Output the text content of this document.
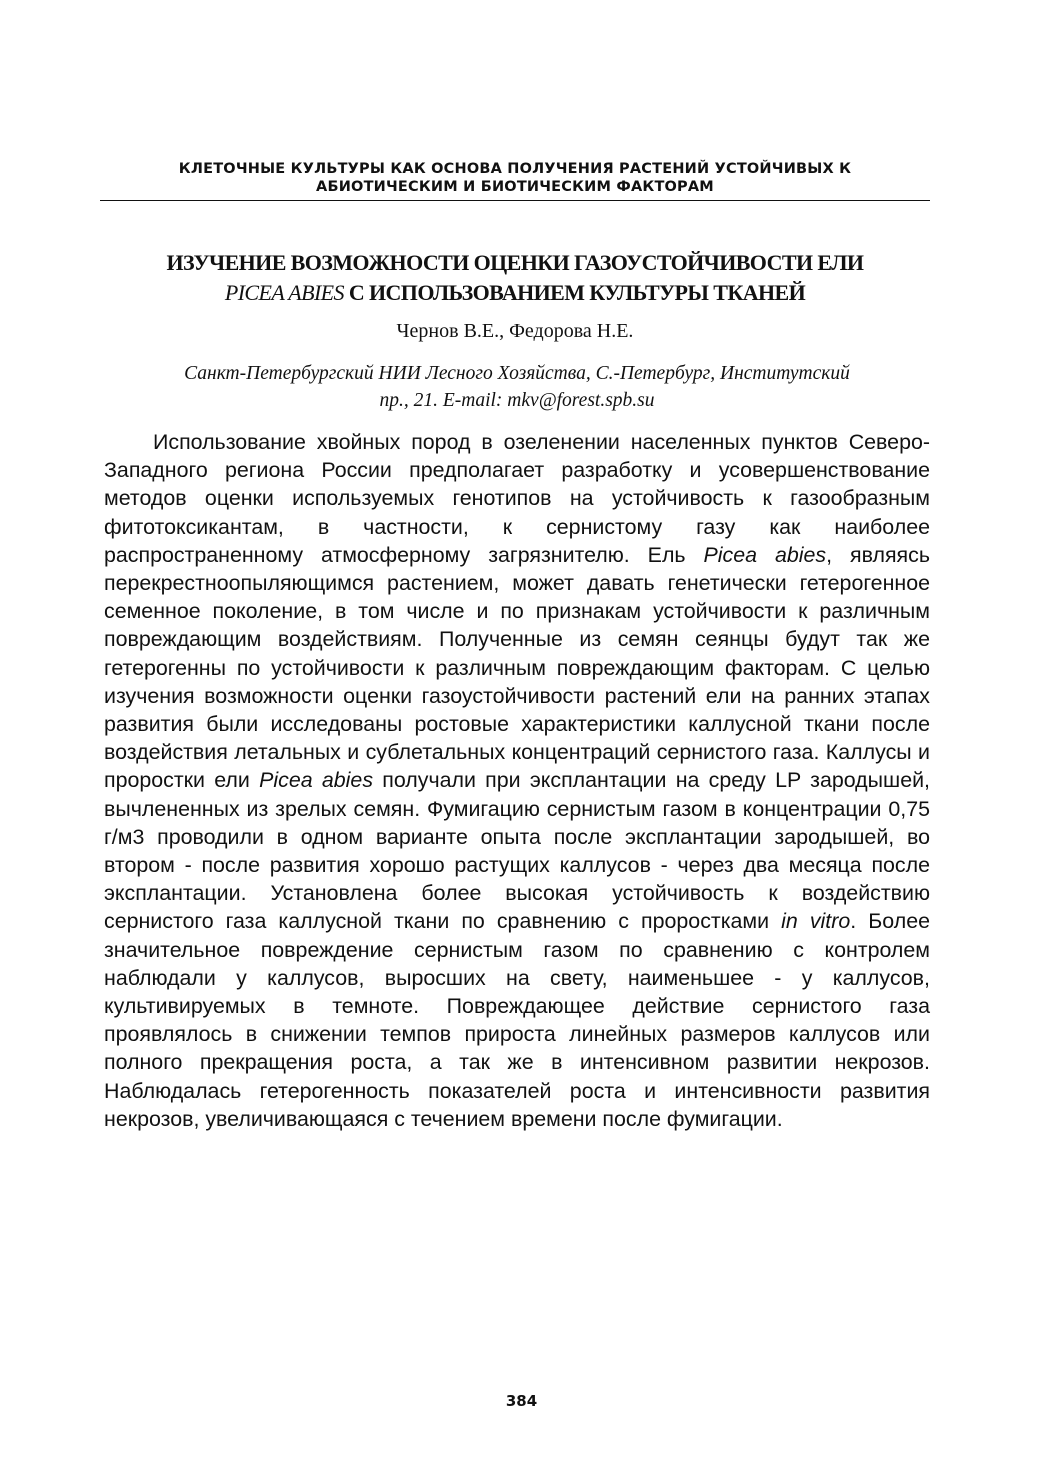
КЛЕТОЧНЫЕ КУЛЬТУРЫ КАК ОСНОВА ПОЛУЧЕНИЯ РАСТЕНИЙ УСТОЙЧИВЫХ К
АБИОТИЧЕСКИМ И БИОТИЧЕСКИМ ФАКТОРАМ
ИЗУЧЕНИЕ ВОЗМОЖНОСТИ ОЦЕНКИ ГАЗОУСТОЙЧИВОСТИ ЕЛИ
PICEA ABIES С ИСПОЛЬЗОВАНИЕМ КУЛЬТУРЫ ТКАНЕЙ
Чернов В.Е., Федорова Н.Е.
Санкт-Петербургский НИИ Лесного Хозяйства, С.-Петербург, Институтский
пр., 21. E-mail: mkv@forest.spb.su

Использование хвойных пород в озеленении населенных пунктов Северо-Западного региона России предполагает разработку и усовершенствование методов оценки используемых генотипов на устойчивость к газообразным фитотоксикантам, в частности, к сернистому газу как наиболее распространенному атмосферному загрязнителю. Ель Picea abies, являясь перекрестноопыляющимся растением, может давать генетически гетерогенное семенное поколение, в том числе и по признакам устойчивости к различным повреждающим воздействиям. Полученные из семян сеянцы будут так же гетерогенны по устойчивости к различным повреждающим факторам. С целью изучения возможности оценки газоустойчивости растений ели на ранних этапах развития были исследованы ростовые характеристики каллусной ткани после воздействия летальных и сублетальных концентраций сернистого газа. Каллусы и проростки ели Picea abies получали при эксплантации на среду LP зародышей, вычлененных из зрелых семян. Фумигацию сернистым газом в концентрации 0,75 г/м3 проводили в одном варианте опыта после эксплантации зародышей, во втором - после развития хорошо растущих каллусов - через два месяца после эксплантации. Установлена более высокая устойчивость к воздействию сернистого газа каллусной ткани по сравнению с проростками in vitro. Более значительное повреждение сернистым газом по сравнению с контролем наблюдали у каллусов, выросших на свету, наименьшее - у каллусов, культивируемых в темноте. Повреждающее действие сернистого газа проявлялось в снижении темпов прироста линейных размеров каллусов или полного прекращения роста, а так же в интенсивном развитии некрозов. Наблюдалась гетерогенность показателей роста и интенсивности развития некрозов, увеличивающаяся с течением времени после фумигации.

384
